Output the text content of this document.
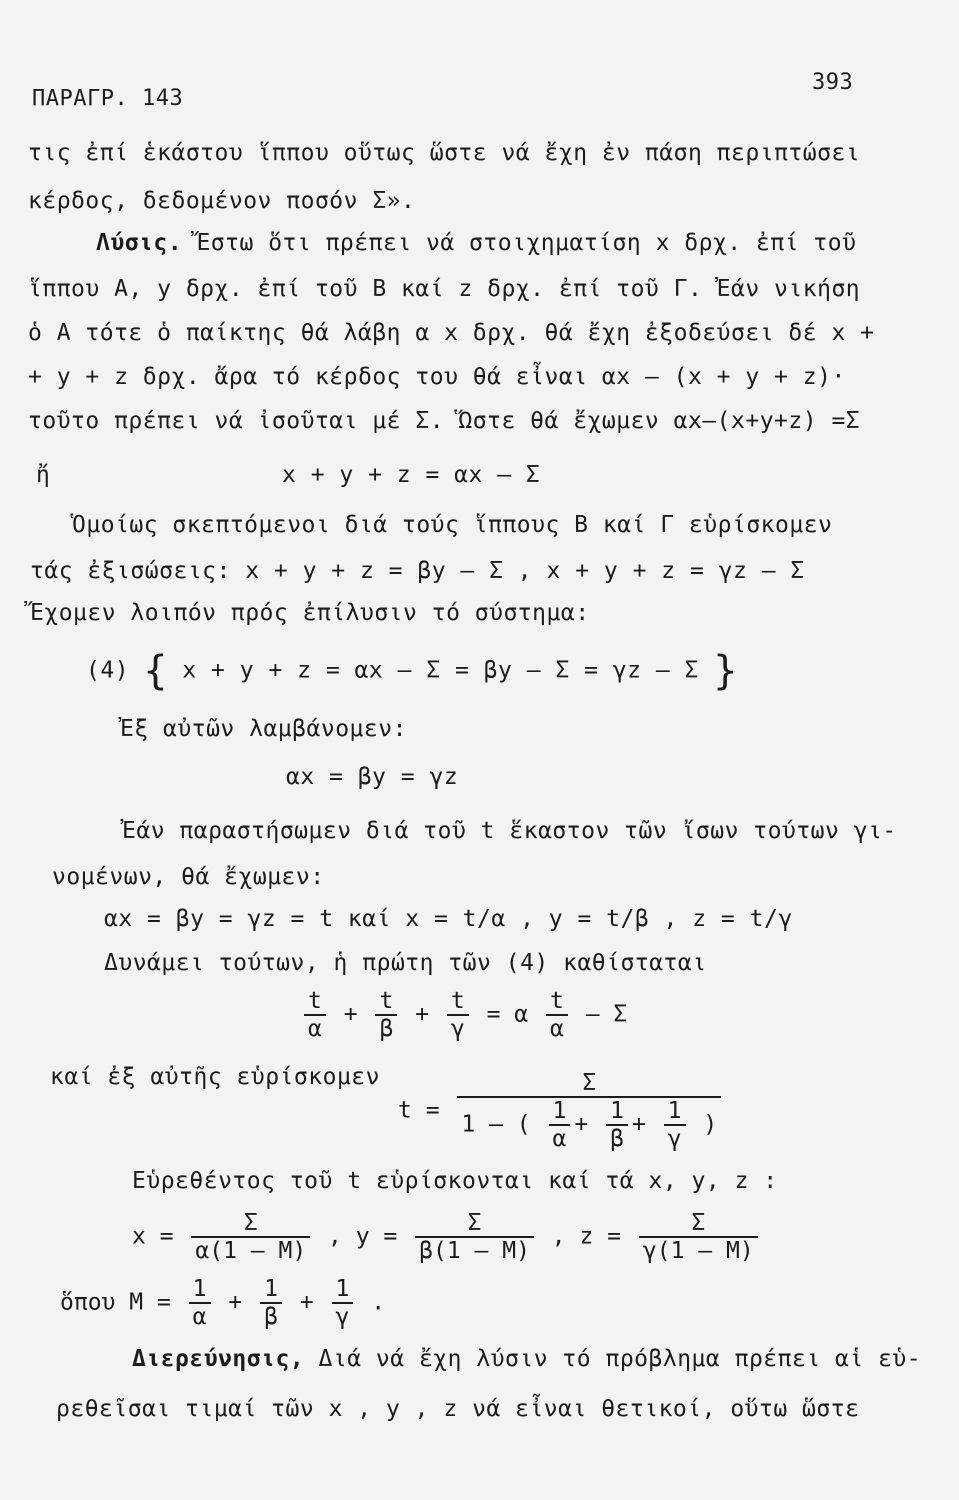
ΠΑΡΑΓΡ. 143
393
τις ἐπί ἑκάστου ἵππου οὕτως ὥστε νά ἔχη ἐν πάση περιπτώσει
κέρδος, δεδομένον ποσόν Σ».
Λύσις. Ἔστω ὅτι πρέπει νά στοιχηματίση x δρχ. ἐπί τοῦ
ἵππου Α, y δρχ. ἐπί τοῦ Β καί z δρχ. ἐπί τοῦ Γ. Ἐάν νικήση
ὁ Α τότε ὁ παίκτης θά λάβη α x δρχ. θά ἔχη ἐξοδεύσει δέ x +
+ y + z δρχ. ἄρα τό κέρδος του θά εἶναι αx – (x + y + z)·
τοῦτο πρέπει νά ἰσοῦται μέ Σ. Ὥστε θά ἔχωμεν αx–(x+y+z) =Σ
ἤ	x + y + z = αx – Σ
Ὁμοίως σκεπτόμενοι διά τούς ἵππους Β καί Γ εὑρίσκομεν
τάς ἐξισώσεις: x + y + z = βy – Σ , x + y + z = γz – Σ
Ἔχομεν λοιπόν πρός ἐπίλυσιν τό σύστημα:
(4) { x + y + z = αx – Σ = βy – Σ = γz – Σ }
Ἐξ αὐτῶν λαμβάνομεν:
αx = βy = γz
Ἐάν παραστήσωμεν διά τοῦ t ἕκαστον τῶν ἴσων τούτων γι-
νομένων, θά ἔχωμεν:
αx = βy = γz = t καί x = t/α , y = t/β , z = t/γ
Δυνάμει τούτων, ἡ πρώτη τῶν (4) καθίσταται
$\frac{t}{\alpha} + \frac{t}{\beta} + \frac{t}{\gamma} = \alpha \frac{t}{\alpha} - \Sigma$
καί ἐξ αὐτῆς εὑρίσκομεν
$t = \frac{\Sigma}{1 - ( \frac{1}{\alpha} + \frac{1}{\beta} + \frac{1}{\gamma} )}$
Εὑρεθέντος τοῦ t εὑρίσκονται καί τά x, y, z :
$x = \frac{\Sigma}{\alpha(1 - M)}$ , $y = \frac{\Sigma}{\beta(1 - M)}$ , $z = \frac{\Sigma}{\gamma(1 - M)}$
ὅπου $M = \frac{1}{\alpha} + \frac{1}{\beta} + \frac{1}{\gamma}$ .
Διερεύνησις, Διά νά ἔχη λύσιν τό πρόβλημα πρέπει αἱ εὑ-
ρεθεῖσαι τιμαί τῶν x , y , z νά εἶναι θετικοί, οὕτω ὥστε
